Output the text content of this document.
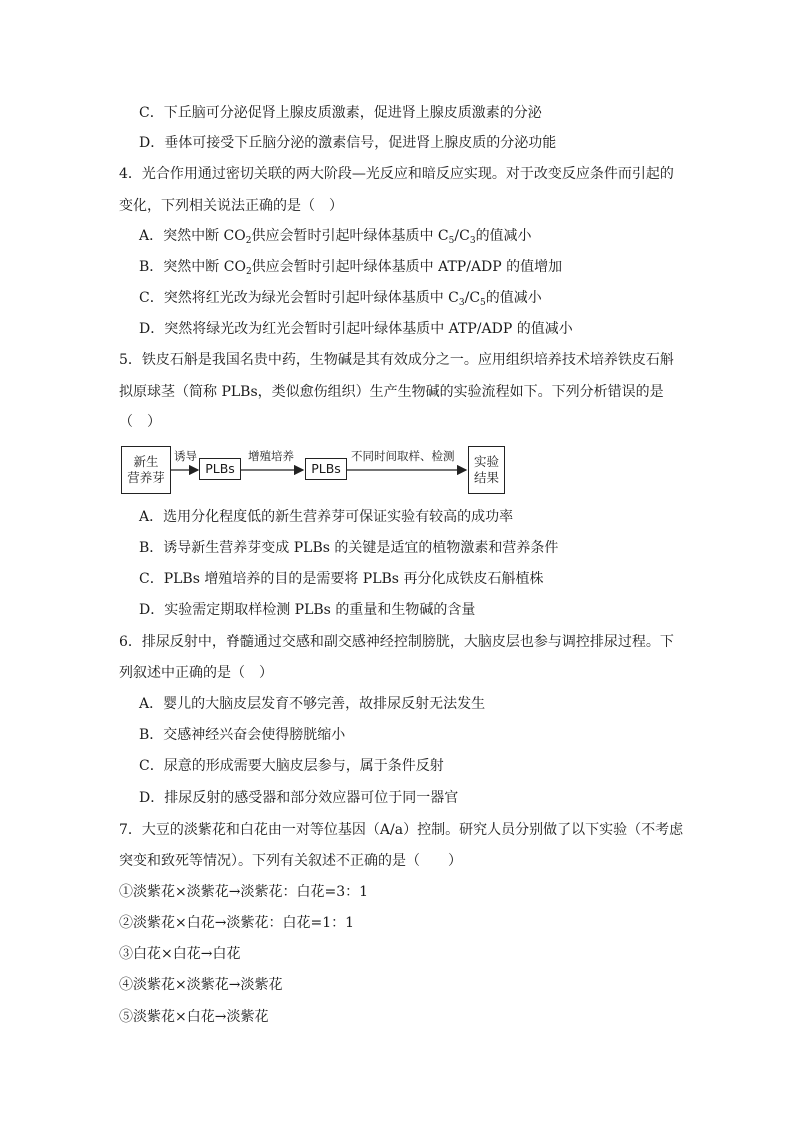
C．下丘脑可分泌促肾上腺皮质激素，促进肾上腺皮质激素的分泌
D．垂体可接受下丘脑分泌的激素信号，促进肾上腺皮质的分泌功能
4．光合作用通过密切关联的两大阶段—光反应和暗反应实现。对于改变反应条件而引起的
变化，下列相关说法正确的是（　）
A．突然中断 $CO_2$供应会暂时引起叶绿体基质中 $C_5/C_3$的值减小
B．突然中断 $CO_2$供应会暂时引起叶绿体基质中 ATP/ADP 的值增加
C．突然将红光改为绿光会暂时引起叶绿体基质中 $C_3/C_5$的值减小
D．突然将绿光改为红光会暂时引起叶绿体基质中 ATP/ADP 的值减小
5．铁皮石斛是我国名贵中药，生物碱是其有效成分之一。应用组织培养技术培养铁皮石斛
拟原球茎（简称 PLBs，类似愈伤组织）生产生物碱的实验流程如下。下列分析错误的是
（　）
新生
营养芽
诱导
PLBs
增殖培养
PLBs
不同时间取样、检测 实验
结果
A．选用分化程度低的新生营养芽可保证实验有较高的成功率
B．诱导新生营养芽变成 PLBs 的关键是适宜的植物激素和营养条件
C．PLBs 增殖培养的目的是需要将 PLBs 再分化成铁皮石斛植株
D．实验需定期取样检测 PLBs 的重量和生物碱的含量
6．排尿反射中，脊髓通过交感和副交感神经控制膀胱，大脑皮层也参与调控排尿过程。下
列叙述中正确的是（　）
A．婴儿的大脑皮层发育不够完善，故排尿反射无法发生
B．交感神经兴奋会使得膀胱缩小
C．尿意的形成需要大脑皮层参与，属于条件反射
D．排尿反射的感受器和部分效应器可位于同一器官
7．大豆的淡紫花和白花由一对等位基因（A/a）控制。研究人员分别做了以下实验（不考虑
突变和致死等情况）。下列有关叙述不正确的是（　　）
①淡紫花×淡紫花→淡紫花：白花=3：1
②淡紫花×白花→淡紫花：白花=1：1
③白花×白花→白花
④淡紫花×淡紫花→淡紫花
⑤淡紫花×白花→淡紫花
